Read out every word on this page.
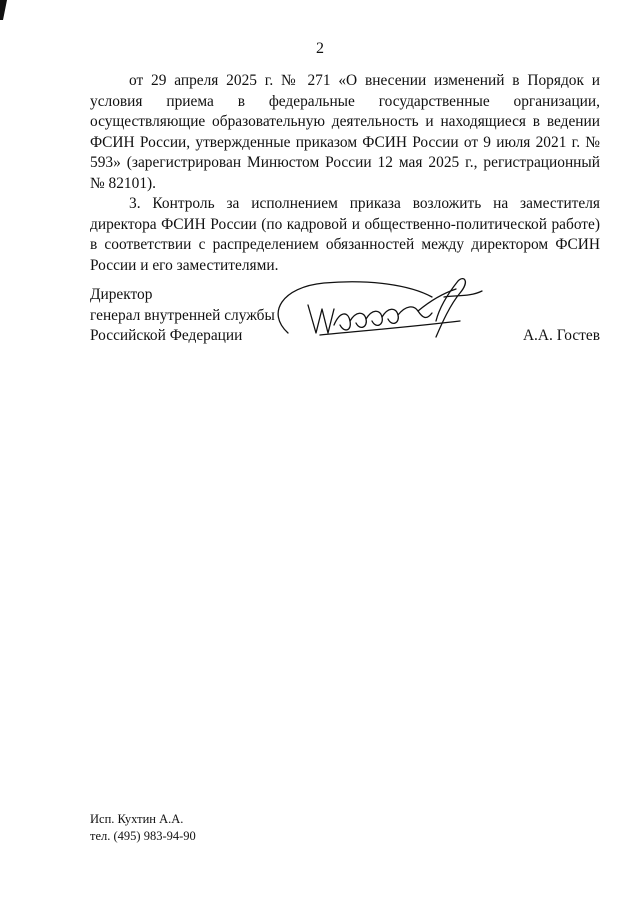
2

от 29 апреля 2025 г. № 271 «О внесении изменений в Порядок и условия приема в федеральные государственные организации, осуществляющие образовательную деятельность и находящиеся в ведении ФСИН России, утвержденные приказом ФСИН России от 9 июля 2021 г. № 593» (зарегистрирован Минюстом России 12 мая 2025 г., регистрационный № 82101).

3. Контроль за исполнением приказа возложить на заместителя директора ФСИН России (по кадровой и общественно-политической работе) в соответствии с распределением обязанностей между директором ФСИН России и его заместителями.

Директор
генерал внутренней службы
Российской Федерации	А.А. Гостев
Исп. Кухтин А.А.
тел. (495) 983-94-90
